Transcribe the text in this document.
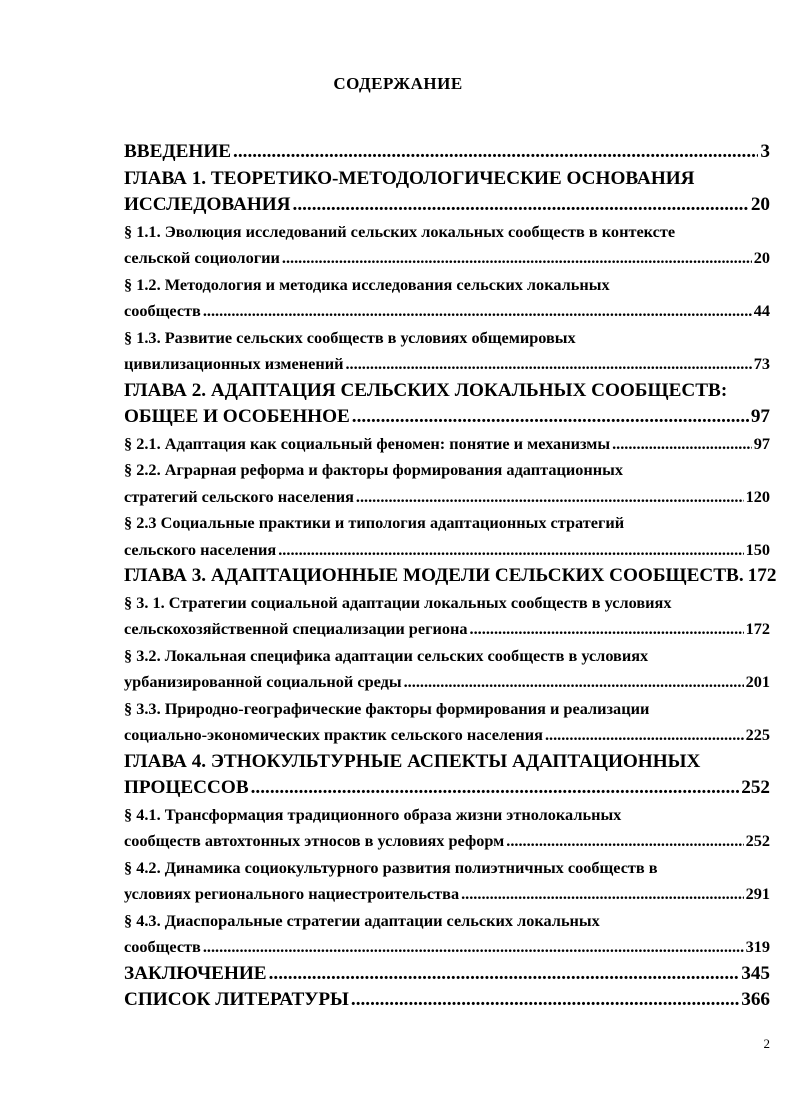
СОДЕРЖАНИЕ
ВВЕДЕНИЕ .....	3
ГЛАВА 1. ТЕОРЕТИКО-МЕТОДОЛОГИЧЕСКИЕ ОСНОВАНИЯ
ИССЛЕДОВАНИЯ .....	20
§ 1.1. Эволюция исследований сельских локальных сообществ в контексте
сельской социологии .....	20
§ 1.2. Методология и методика исследования сельских локальных
сообществ .....	44
§ 1.3. Развитие сельских сообществ в условиях общемировых
цивилизационных изменений .....	73
ГЛАВА 2. АДАПТАЦИЯ СЕЛЬСКИХ ЛОКАЛЬНЫХ СООБЩЕСТВ:
ОБЩЕЕ И ОСОБЕННОЕ .....	97
§ 2.1. Адаптация как социальный феномен: понятие и механизмы .....	97
§ 2.2. Аграрная реформа и факторы формирования адаптационных
стратегий сельского населения .....	120
§ 2.3 Социальные практики и типология адаптационных стратегий
сельского населения .....	150
ГЛАВА 3. АДАПТАЦИОННЫЕ МОДЕЛИ СЕЛЬСКИХ СООБЩЕСТВ. 172
§ 3. 1. Стратегии социальной адаптации локальных сообществ в условиях
сельскохозяйственной специализации региона .....	172
§ 3.2. Локальная специфика адаптации сельских сообществ в условиях
урбанизированной социальной среды .....	201
§ 3.3. Природно-географические факторы формирования и реализации
социально-экономических практик сельского населения .....	225
ГЛАВА 4. ЭТНОКУЛЬТУРНЫЕ АСПЕКТЫ АДАПТАЦИОННЫХ
ПРОЦЕССОВ .....	252
§ 4.1. Трансформация традиционного образа жизни этнолокальных
сообществ автохтонных этносов в условиях реформ .....	252
§ 4.2. Динамика социокультурного развития полиэтничных сообществ в
условиях регионального нациестроительства .....	291
§ 4.3. Диаспоральные стратегии адаптации сельских локальных
сообществ .....	319
ЗАКЛЮЧЕНИЕ .....	345
СПИСОК ЛИТЕРАТУРЫ .....	366
2
